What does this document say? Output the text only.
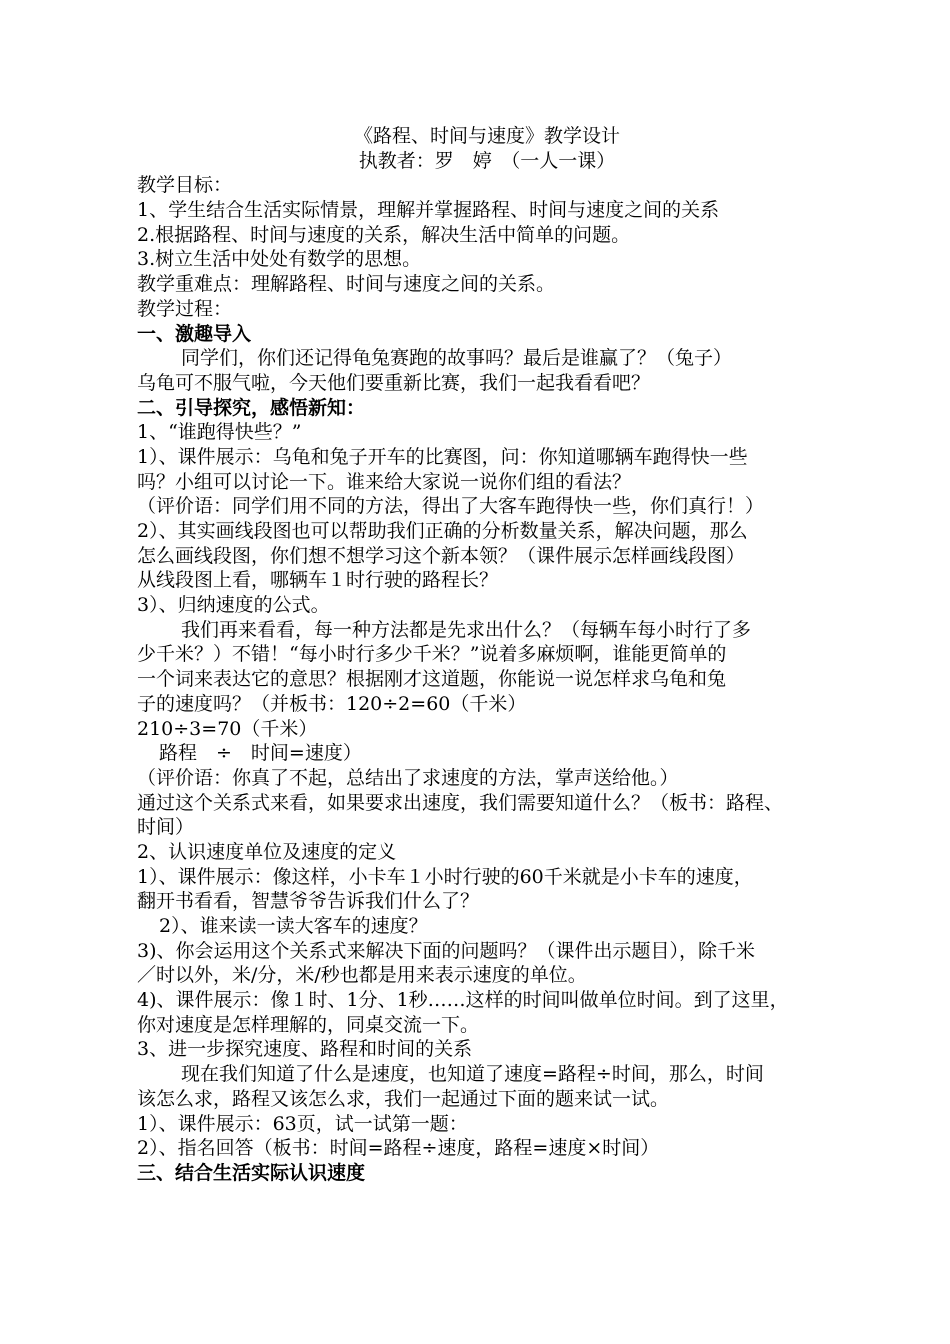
《路程、时间与速度》教学设计
执教者：罗　婷　（一人一课）
教学目标：
1、学生结合生活实际情景，理解并掌握路程、时间与速度之间的关系
2.根据路程、时间与速度的关系，解决生活中简单的问题。
3.树立生活中处处有数学的思想。
教学重难点：理解路程、时间与速度之间的关系。
教学过程：
一、激趣导入
同学们，你们还记得龟兔赛跑的故事吗？最后是谁赢了？（兔子）
乌龟可不服气啦，今天他们要重新比赛，我们一起我看看吧？
二、引导探究，感悟新知：
1、“谁跑得快些？”
1）、课件展示：乌龟和兔子开车的比赛图，问：你知道哪辆车跑得快一些
吗？小组可以讨论一下。谁来给大家说一说你们组的看法？
（评价语：同学们用不同的方法，得出了大客车跑得快一些，你们真行！）
2）、其实画线段图也可以帮助我们正确的分析数量关系，解决问题，那么
怎么画线段图，你们想不想学习这个新本领？（课件展示怎样画线段图）
从线段图上看，哪辆车１时行驶的路程长？
3）、归纳速度的公式。
我们再来看看，每一种方法都是先求出什么？（每辆车每小时行了多
少千米？）不错！“每小时行多少千米？”说着多麻烦啊，谁能更简单的
一个词来表达它的意思？根据刚才这道题，你能说一说怎样求乌龟和兔
子的速度吗？（并板书：120÷2=60（千米）
210÷3=70（千米）
路程　÷　时间=速度）
（评价语：你真了不起，总结出了求速度的方法，掌声送给他。）
通过这个关系式来看，如果要求出速度，我们需要知道什么？（板书：路程、
时间）
2、认识速度单位及速度的定义
1）、课件展示：像这样，小卡车１小时行驶的60千米就是小卡车的速度，
翻开书看看，智慧爷爷告诉我们什么了？
2）、谁来读一读大客车的速度？
3)、你会运用这个关系式来解决下面的问题吗？（课件出示题目），除千米
／时以外，米/分，米/秒也都是用来表示速度的单位。
4)、课件展示：像１时、1分、1秒……这样的时间叫做单位时间。到了这里，
你对速度是怎样理解的，同桌交流一下。
3、进一步探究速度、路程和时间的关系
现在我们知道了什么是速度，也知道了速度=路程÷时间，那么，时间
该怎么求，路程又该怎么求，我们一起通过下面的题来试一试。
1）、课件展示：63页，试一试第一题：
2）、指名回答（板书：时间=路程÷速度，路程=速度×时间）
三、结合生活实际认识速度
